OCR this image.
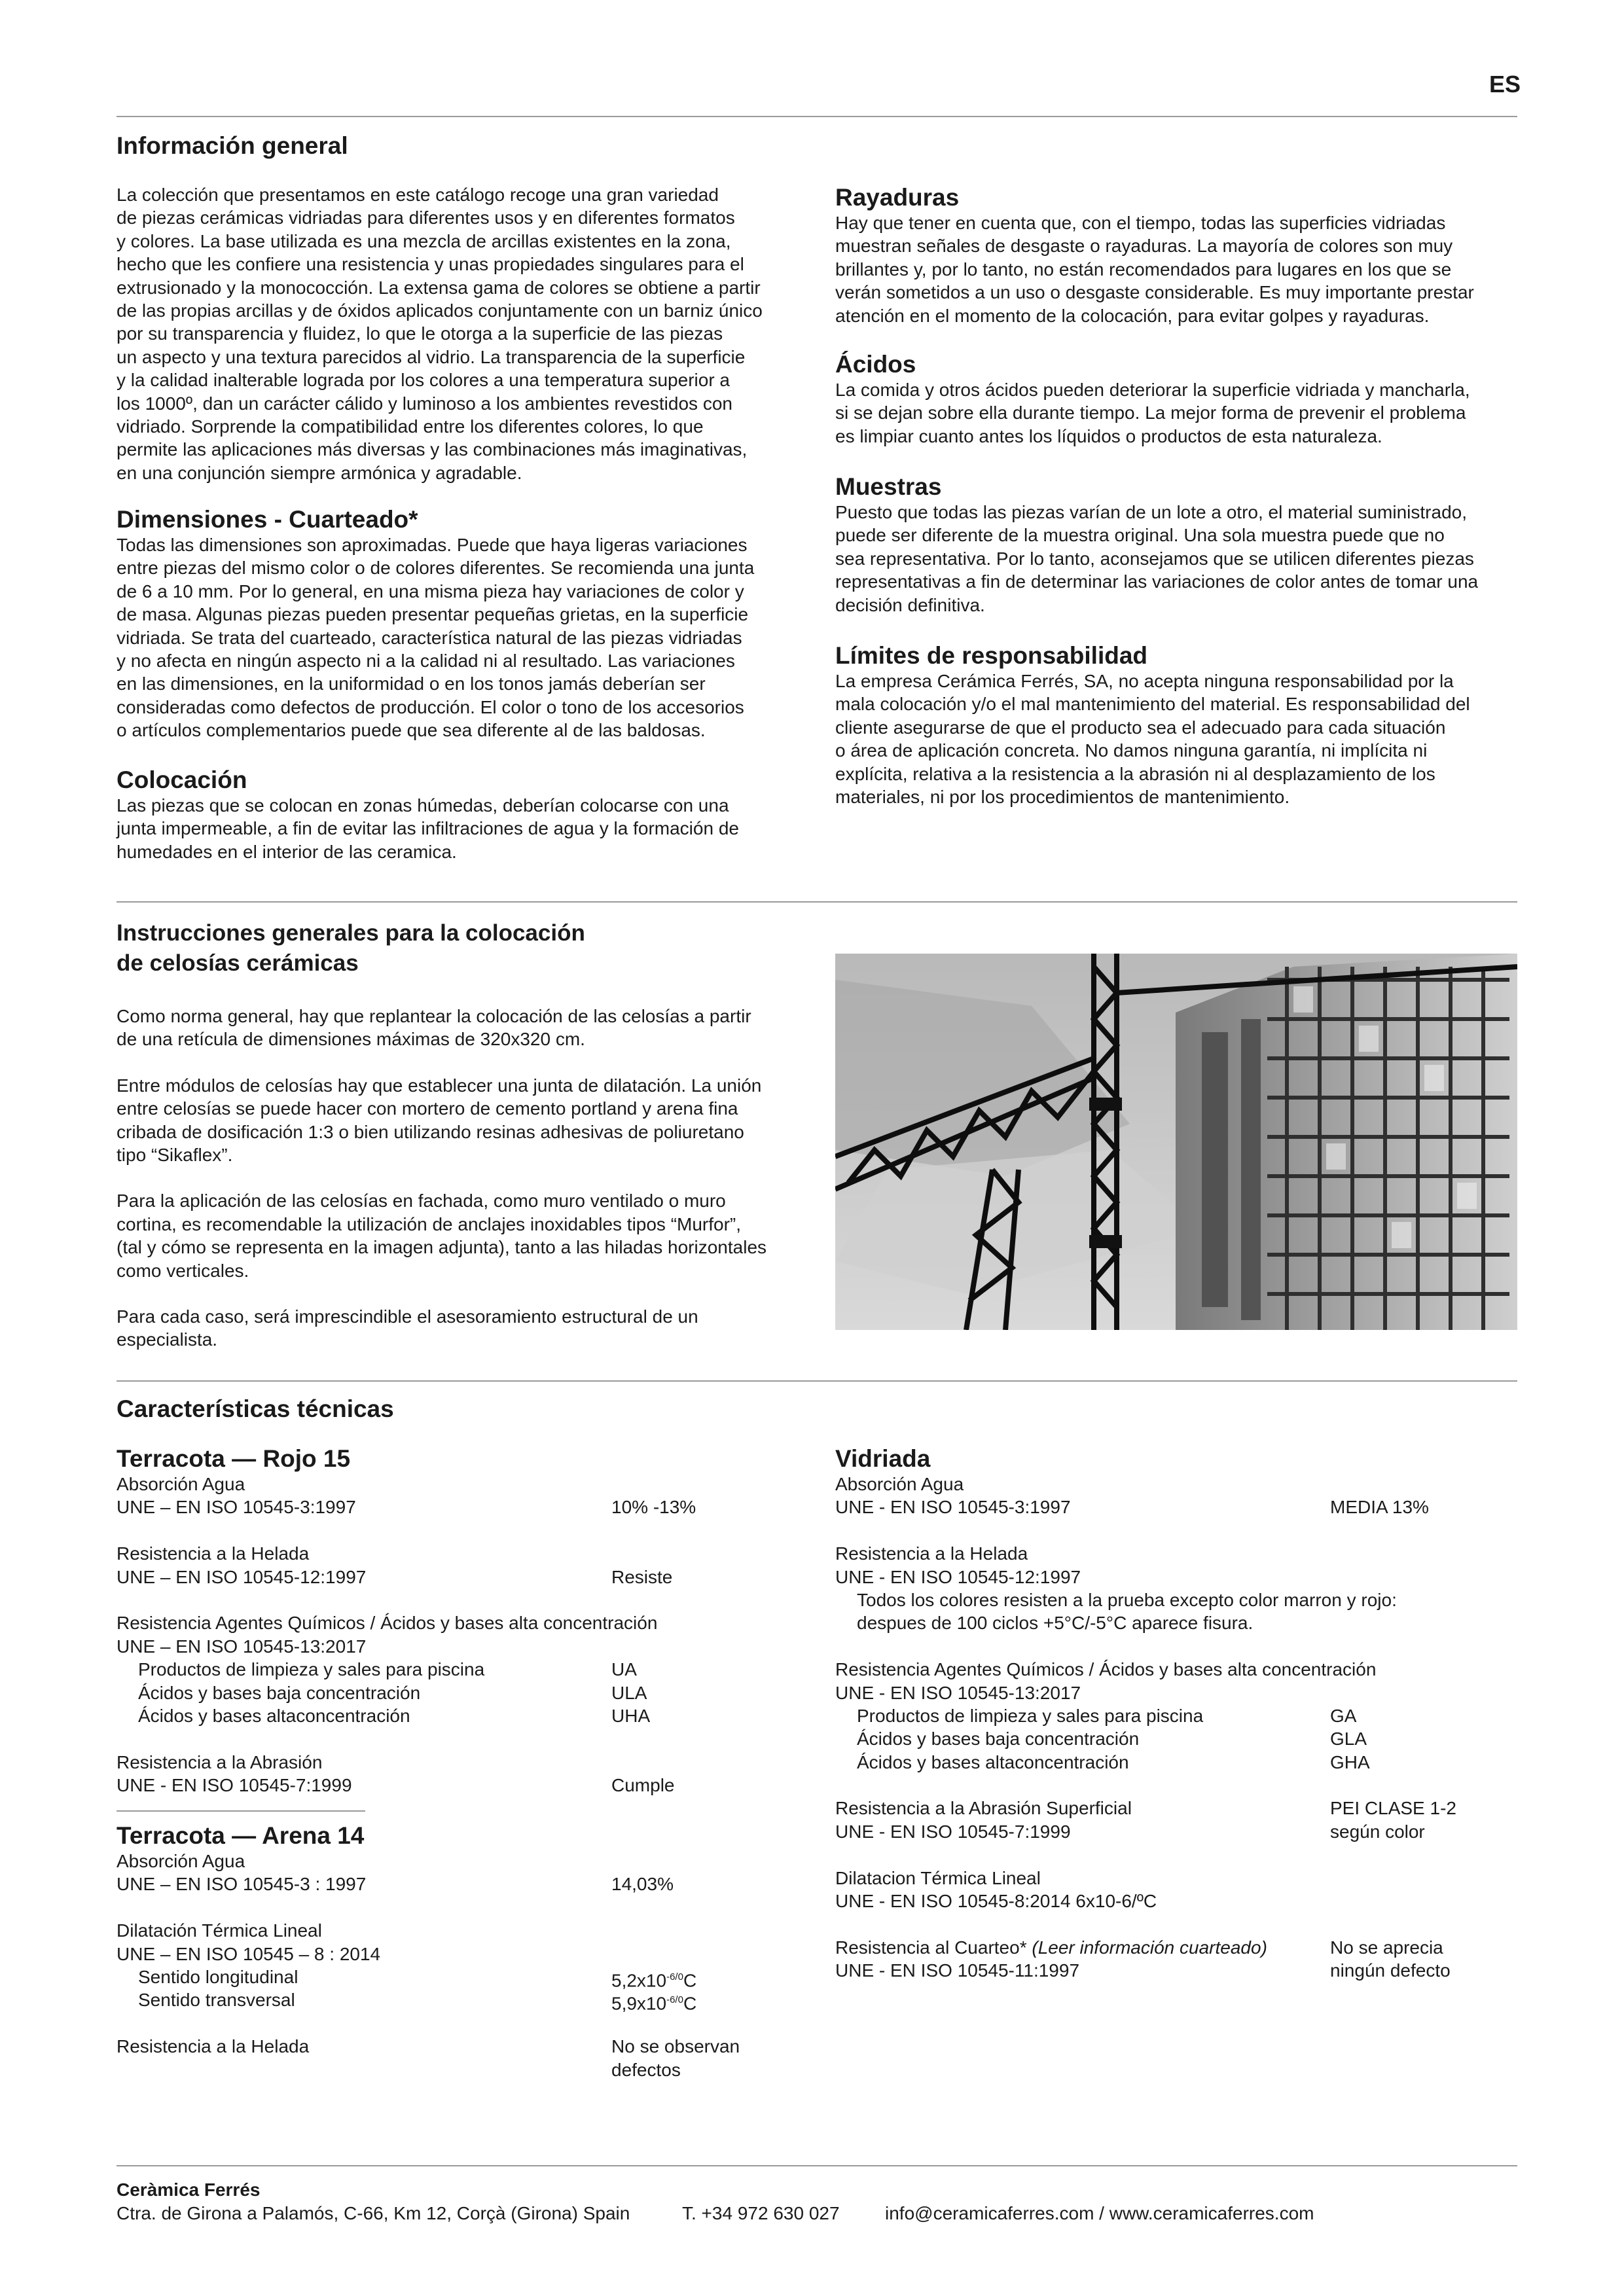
ES
Información general
La colección que presentamos en este catálogo recoge una gran variedad
de piezas cerámicas vidriadas para diferentes usos y en diferentes formatos
y colores. La base utilizada es una mezcla de arcillas existentes en la zona,
hecho que les confiere una resistencia y unas propiedades singulares para el
extrusionado y la monococción. La extensa gama de colores se obtiene a partir
de las propias arcillas y de óxidos aplicados conjuntamente con un barniz único
por su transparencia y fluidez, lo que le otorga a la superficie de las piezas
un aspecto y una textura parecidos al vidrio. La transparencia de la superficie
y la calidad inalterable lograda por los colores a una temperatura superior a
los 1000º, dan un carácter cálido y luminoso a los ambientes revestidos con
vidriado. Sorprende la compatibilidad entre los diferentes colores, lo que
permite las aplicaciones más diversas y las combinaciones más imaginativas,
en una conjunción siempre armónica y agradable.
Dimensiones - Cuarteado*
Todas las dimensiones son aproximadas. Puede que haya ligeras variaciones
entre piezas del mismo color o de colores diferentes. Se recomienda una junta
de 6 a 10 mm. Por lo general, en una misma pieza hay variaciones de color y
de masa. Algunas piezas pueden presentar pequeñas grietas, en la superficie
vidriada. Se trata del cuarteado, característica natural de las piezas vidriadas
y no afecta en ningún aspecto ni a la calidad ni al resultado. Las variaciones
en las dimensiones, en la uniformidad o en los tonos jamás deberían ser
consideradas como defectos de producción. El color o tono de los accesorios
o artículos complementarios puede que sea diferente al de las baldosas.
Colocación
Las piezas que se colocan en zonas húmedas, deberían colocarse con una
junta impermeable, a fin de evitar las infiltraciones de agua y la formación de
humedades en el interior de las ceramica.
Rayaduras
Hay que tener en cuenta que, con el tiempo, todas las superficies vidriadas
muestran señales de desgaste o rayaduras. La mayoría de colores son muy
brillantes y, por lo tanto, no están recomendados para lugares en los que se
verán sometidos a un uso o desgaste considerable. Es muy importante prestar
atención en el momento de la colocación, para evitar golpes y rayaduras.
Ácidos
La comida y otros ácidos pueden deteriorar la superficie vidriada y mancharla,
si se dejan sobre ella durante tiempo. La mejor forma de prevenir el problema
es limpiar cuanto antes los líquidos o productos de esta naturaleza.
Muestras
Puesto que todas las piezas varían de un lote a otro, el material suministrado,
puede ser diferente de la muestra original. Una sola muestra puede que no
sea representativa. Por lo tanto, aconsejamos que se utilicen diferentes piezas
representativas a fin de determinar las variaciones de color antes de tomar una
decisión definitiva.
Límites de responsabilidad
La empresa Cerámica Ferrés, SA, no acepta ninguna responsabilidad por la
mala colocación y/o el mal mantenimiento del material. Es responsabilidad del
cliente asegurarse de que el producto sea el adecuado para cada situación
o área de aplicación concreta. No damos ninguna garantía, ni implícita ni
explícita, relativa a la resistencia a la abrasión ni al desplazamiento de los
materiales, ni por los procedimientos de mantenimiento.
Instrucciones generales para la colocación
de celosías cerámicas
Como norma general, hay que replantear la colocación de las celosías a partir
de una retícula de dimensiones máximas de 320x320 cm.
Entre módulos de celosías hay que establecer una junta de dilatación. La unión
entre celosías se puede hacer con mortero de cemento portland y arena fina
cribada de dosificación 1:3 o bien utilizando resinas adhesivas de poliuretano
tipo “Sikaflex”.
Para la aplicación de las celosías en fachada, como muro ventilado o muro
cortina, es recomendable la utilización de anclajes inoxidables tipos “Murfor”,
(tal y cómo se representa en la imagen adjunta), tanto a las hiladas horizontales
como verticales.
Para cada caso, será imprescindible el asesoramiento estructural de un
especialista.
Características técnicas
Terracota — Rojo 15
Absorción Agua
UNE – EN ISO 10545-3:1997	10% -13%
Resistencia a la Helada
UNE – EN ISO 10545-12:1997	Resiste
Resistencia Agentes Químicos / Ácidos y bases alta concentración
UNE – EN ISO 10545-13:2017
Productos de limpieza y sales para piscina	UA
Ácidos y bases baja concentración	ULA
Ácidos y bases altaconcentración	UHA
Resistencia a la Abrasión
UNE - EN ISO 10545-7:1999	Cumple
Terracota — Arena 14
Absorción Agua
UNE – EN ISO 10545-3 : 1997	14,03%
Dilatación Térmica Lineal
UNE – EN ISO 10545 – 8 : 2014
Sentido longitudinal	$5,2x10^{-6/0}C$
Sentido transversal	$5,9x10^{-6/0}C$
Resistencia a la Helada	No se observan
defectos
Vidriada
Absorción Agua
UNE - EN ISO 10545-3:1997	MEDIA 13%
Resistencia a la Helada
UNE - EN ISO 10545-12:1997
Todos los colores resisten a la prueba excepto color marron y rojo:
despues de 100 ciclos +5°C/-5°C aparece fisura.
Resistencia Agentes Químicos / Ácidos y bases alta concentración
UNE - EN ISO 10545-13:2017
Productos de limpieza y sales para piscina	GA
Ácidos y bases baja concentración	GLA
Ácidos y bases altaconcentración	GHA
Resistencia a la Abrasión Superficial	PEI CLASE 1-2
UNE - EN ISO 10545-7:1999	según color
Dilatacion Térmica Lineal
UNE - EN ISO 10545-8:2014 6x10-6/ºC
Resistencia al Cuarteo* (Leer información cuarteado)	No se aprecia
UNE - EN ISO 10545-11:1997	ningún defecto
Ceràmica Ferrés
Ctra. de Girona a Palamós, C-66, Km 12, Corçà (Girona) Spain	T. +34 972 630 027 info@ceramicaferres.com / www.ceramicaferres.com
